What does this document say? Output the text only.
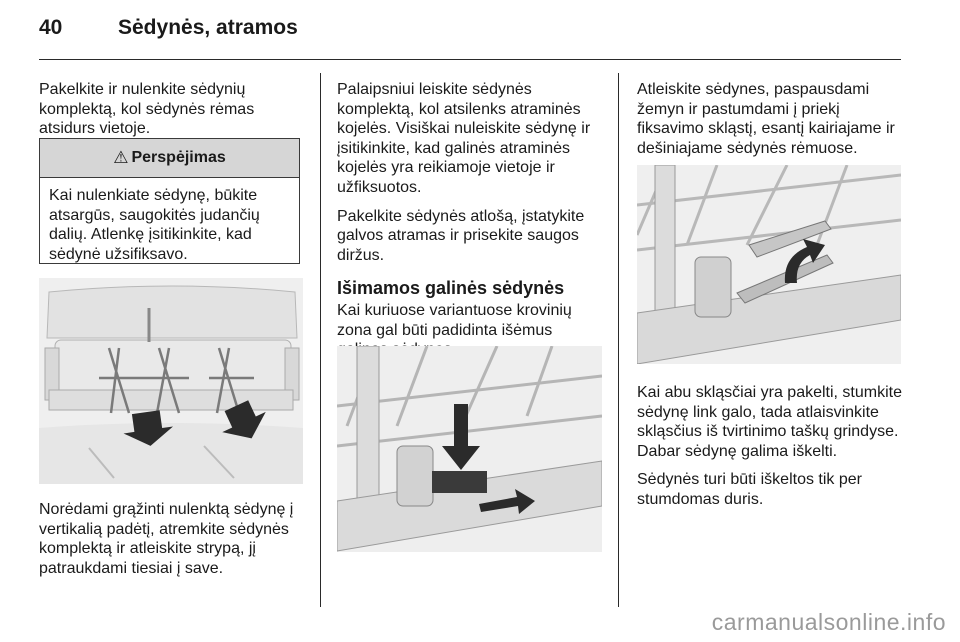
40	Sėdynės, atramos

Pakelkite ir nulenkite sėdynių komplektą, kol sėdynės rėmas atsidurs vietoje.

⚠ Perspėjimas
Kai nulenkiate sėdynę, būkite atsargūs, saugokitės judančių dalių. Atlenkę įsitikinkite, kad sėdynė užsifiksavo.

Norėdami grąžinti nulenktą sėdynę į vertikalią padėtį, atremkite sėdynės komplektą ir atleiskite strypą, jį patraukdami tiesiai į save.

Palaipsniui leiskite sėdynės komplektą, kol atsilenks atraminės kojelės. Visiškai nuleiskite sėdynę ir įsitikinkite, kad galinės atraminės kojelės yra reikiamoje vietoje ir užfiksuotos.

Pakelkite sėdynės atlošą, įstatykite galvos atramas ir prisekite saugos diržus.

Išimamos galinės sėdynės

Kai kuriuose variantuose krovinių zona gal būti padidinta išėmus

Atleiskite sėdynes, paspausdami žemyn ir pastumdami į priekį fiksavimo skląstį, esantį kairiajame ir dešiniajame sėdynės rėmuose.

Kai abu skląsčiai yra pakelti, stumkite sėdynę link galo, tada atlaisvinkite skląsčius iš tvirtinimo taškų grindyse. Dabar sėdynę galima iškelti.

Sėdynės turi būti iškeltos tik per stumdomas duris.

carmanualsonline.info
